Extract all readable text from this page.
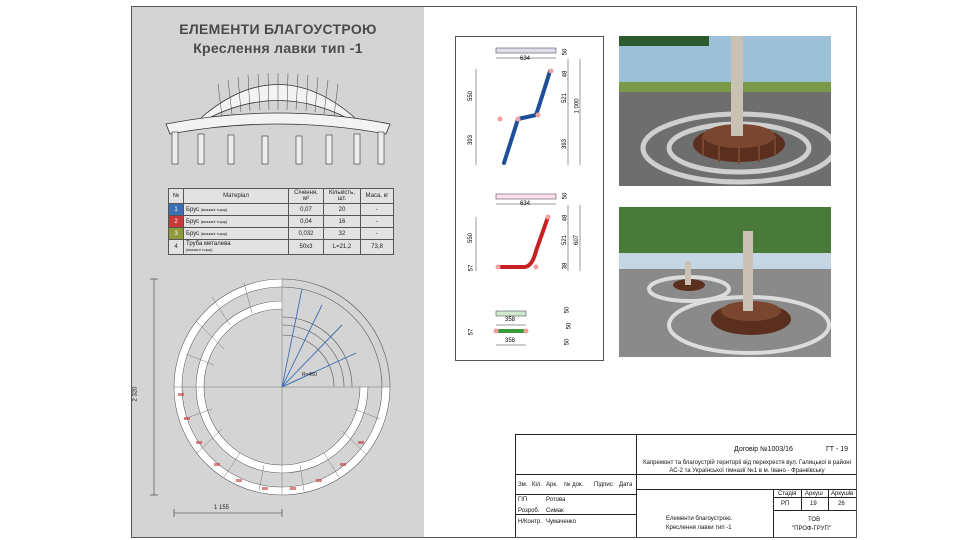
ЕЛЕМЕНТИ БЛАГОУСТРОЮ
Креслення лавки тип -1
№	Матеріал	Січення, м²	Кількість, шт.	Маса, кг
1	Брус (вказані торці)	0,07	20	-
2	Брус (вказані торці)	0,04	16	-
3	Брус (вказані торці)	0,032	32	-
4	Труба металева
(вказані торці)	50х3	L=21,2	73,8
2 320
1 155
R=450
634
550
393
50
48
521
1 000
393
634
550
57
50
48
521 607
38
358
358
57
50
50
50
Договір №1003/16	ГТ - 19
Капремонт та благоустрій території від перехрестя вул. Галицької в районі АС-2 та Української гімназії №1 в м. Івано - Франківську
Зм. Кіл. Арк. № док. Підпис Дата
ГІП	Ротова
Розроб. Симак
Н/Контр. Чумаченко	Елементи благоустрою.
Креслення лавки тип -1
Стадія Аркуш Аркушів
РП	19	26
ТОВ
"ПРОФ-ГРУП"
